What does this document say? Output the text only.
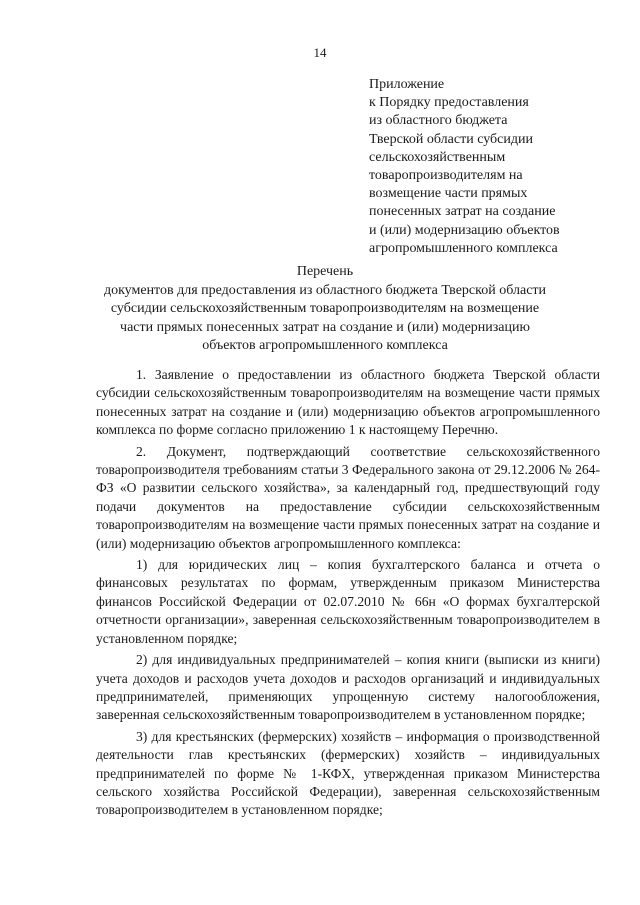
14
Приложение
к Порядку предоставления
из областного бюджета
Тверской области субсидии
сельскохозяйственным
товаропроизводителям на
возмещение части прямых
понесенных затрат на создание
и (или) модернизацию объектов
агропромышленного комплекса
Перечень
документов для предоставления из областного бюджета Тверской области
субсидии сельскохозяйственным товаропроизводителям на возмещение
части прямых понесенных затрат на создание и (или) модернизацию
объектов агропромышленного комплекса

1. Заявление о предоставлении из областного бюджета Тверской области субсидии сельскохозяйственным товаропроизводителям на возмещение части прямых понесенных затрат на создание и (или) модернизацию объектов агропромышленного комплекса по форме согласно приложению 1 к настоящему Перечню.

2. Документ, подтверждающий соответствие сельскохозяйственного товаропроизводителя требованиям статьи 3 Федерального закона от 29.12.2006 № 264-ФЗ «О развитии сельского хозяйства», за календарный год, предшествующий году подачи документов на предоставление субсидии сельскохозяйственным товаропроизводителям на возмещение части прямых понесенных затрат на создание и (или) модернизацию объектов агропромышленного комплекса:

1) для юридических лиц – копия бухгалтерского баланса и отчета о финансовых результатах по формам, утвержденным приказом Министерства финансов Российской Федерации от 02.07.2010 № 66н «О формах бухгалтерской отчетности организации», заверенная сельскохозяйственным товаропроизводителем в установленном порядке;

2) для индивидуальных предпринимателей – копия книги (выписки из книги) учета доходов и расходов учета доходов и расходов организаций и индивидуальных предпринимателей, применяющих упрощенную систему налогообложения, заверенная сельскохозяйственным товаропроизводителем в установленном порядке;

3) для крестьянских (фермерских) хозяйств – информация о производственной деятельности глав крестьянских (фермерских) хозяйств – индивидуальных предпринимателей по форме № 1-КФХ, утвержденная приказом Министерства сельского хозяйства Российской Федерации), заверенная сельскохозяйственным товаропроизводителем в установленном порядке;
